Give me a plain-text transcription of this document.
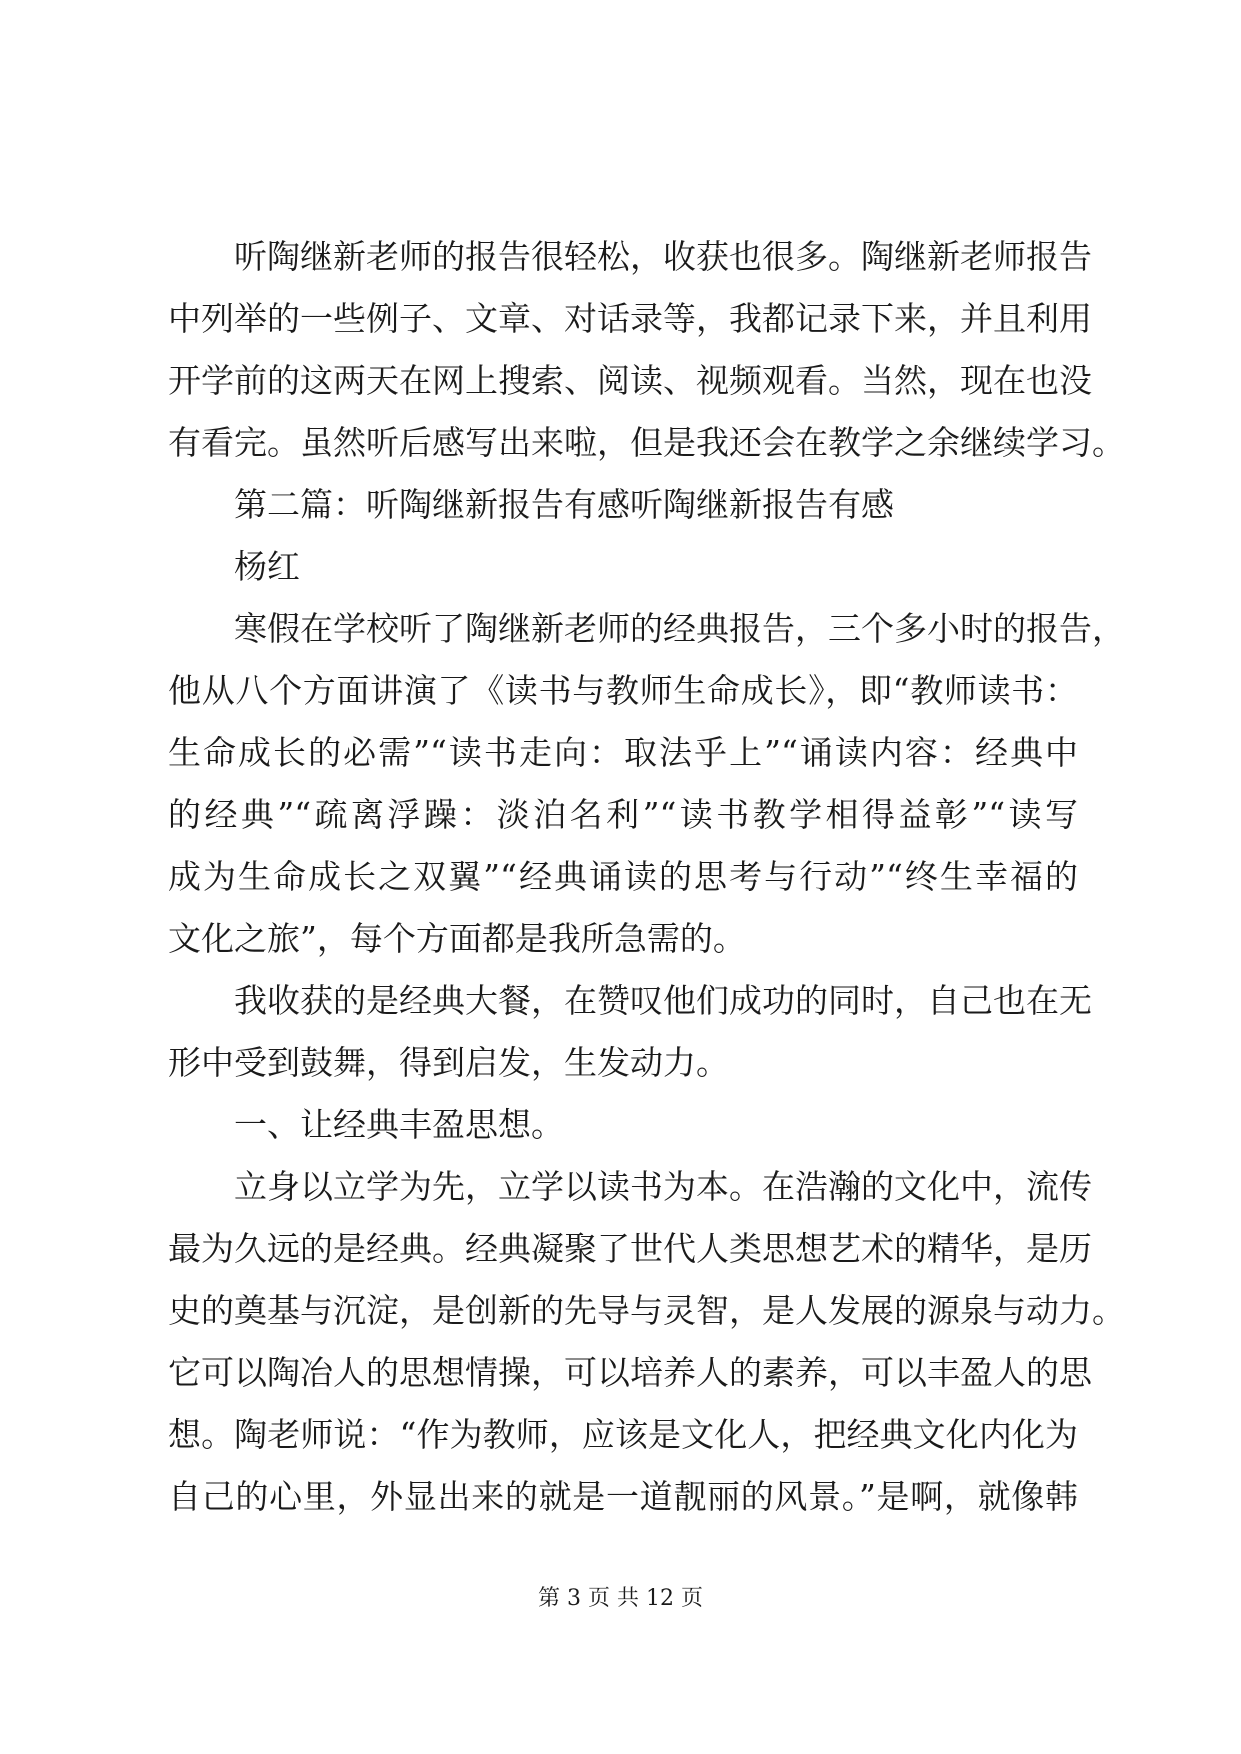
听陶继新老师的报告很轻松，收获也很多。陶继新老师报告
中列举的一些例子、文章、对话录等，我都记录下来，并且利用
开学前的这两天在网上搜索、阅读、视频观看。当然，现在也没
有看完。虽然听后感写出来啦，但是我还会在教学之余继续学习。
第二篇：听陶继新报告有感听陶继新报告有感
杨红
寒假在学校听了陶继新老师的经典报告，三个多小时的报告，
他从八个方面讲演了《读书与教师生命成长》，即“教师读书：
生命成长的必需”“读书走向：取法乎上”“诵读内容：经典中
的经典”“疏离浮躁：淡泊名利”“读书教学相得益彰”“读写
成为生命成长之双翼”“经典诵读的思考与行动”“终生幸福的
文化之旅”，每个方面都是我所急需的。
我收获的是经典大餐，在赞叹他们成功的同时，自己也在无
形中受到鼓舞，得到启发，生发动力。
一、让经典丰盈思想。
立身以立学为先，立学以读书为本。在浩瀚的文化中，流传
最为久远的是经典。经典凝聚了世代人类思想艺术的精华，是历
史的奠基与沉淀，是创新的先导与灵智，是人发展的源泉与动力。
它可以陶冶人的思想情操，可以培养人的素养，可以丰盈人的思
想。陶老师说：“作为教师，应该是文化人，把经典文化内化为
自己的心里，外显出来的就是一道靓丽的风景。”是啊，就像韩
第 3 页 共 12 页
